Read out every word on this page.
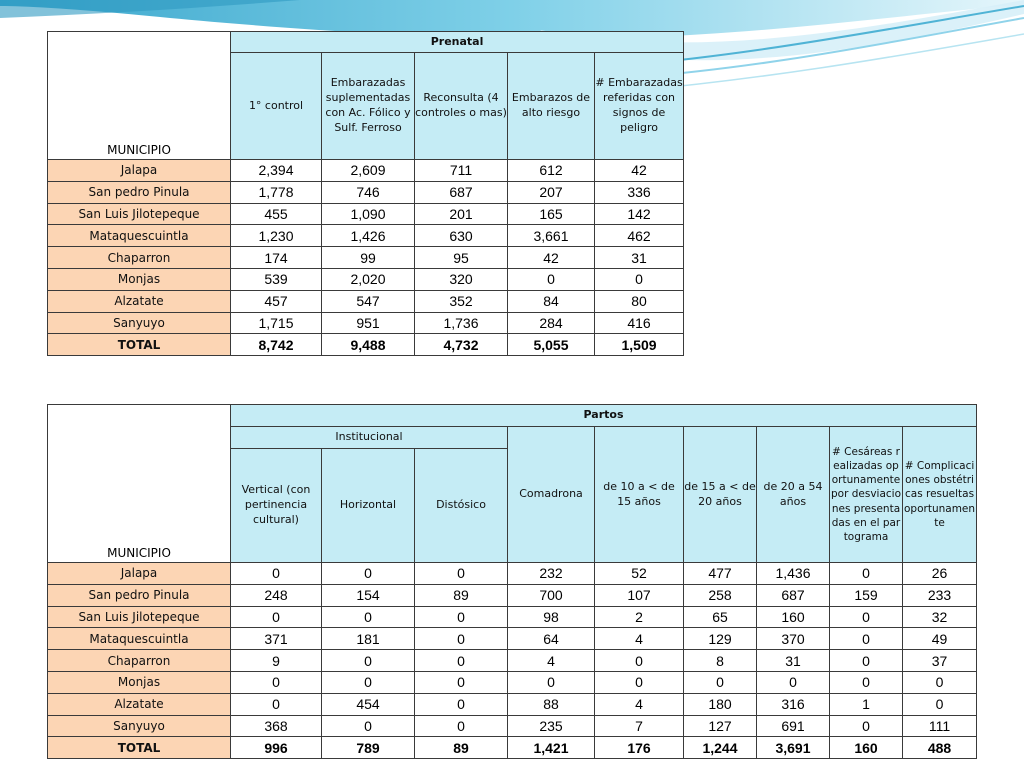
MUNICIPIO	Prenatal				
	1° control	Embarazadas suplementadas con Ac. Fólico y Sulf. Ferroso	Reconsulta (4 controles o mas)	Embarazos de alto riesgo	# Embarazadas referidas con signos de peligro
Jalapa	2,394	2,609	711	612	42
San pedro Pinula	1,778	746	687	207	336
San Luis Jilotepeque	455	1,090	201	165	142
Mataquescuintla	1,230	1,426	630	3,661	462
Chaparron	174	99	95	42	31
Monjas	539	2,020	320	0	0
Alzatate	457	547	352	84	80
Sanyuyo	1,715	951	1,736	284	416
TOTAL	8,742	9,488	4,732	5,055	1,509
MUNICIPIO	Partos								
	Institucional			Comadrona	de 10 a < de 15 años	de 15 a < de 20 años	de 20 a 54 años	# Cesáreas realizadas oportunamente por desviaciones presentadas en el partograma	# Complicaciones obstétricas resueltas oportunamente
	Vertical (con pertinencia cultural)	Horizontal	Distósico						
Jalapa	0	0	0	232	52	477	1,436	0	26
San pedro Pinula	248	154	89	700	107	258	687	159	233
San Luis Jilotepeque	0	0	0	98	2	65	160	0	32
Mataquescuintla	371	181	0	64	4	129	370	0	49
Chaparron	9	0	0	4	0	8	31	0	37
Monjas	0	0	0	0	0	0	0	0	0
Alzatate	0	454	0	88	4	180	316	1	0
Sanyuyo	368	0	0	235	7	127	691	0	111
TOTAL	996	789	89	1,421	176	1,244	3,691	160	488
